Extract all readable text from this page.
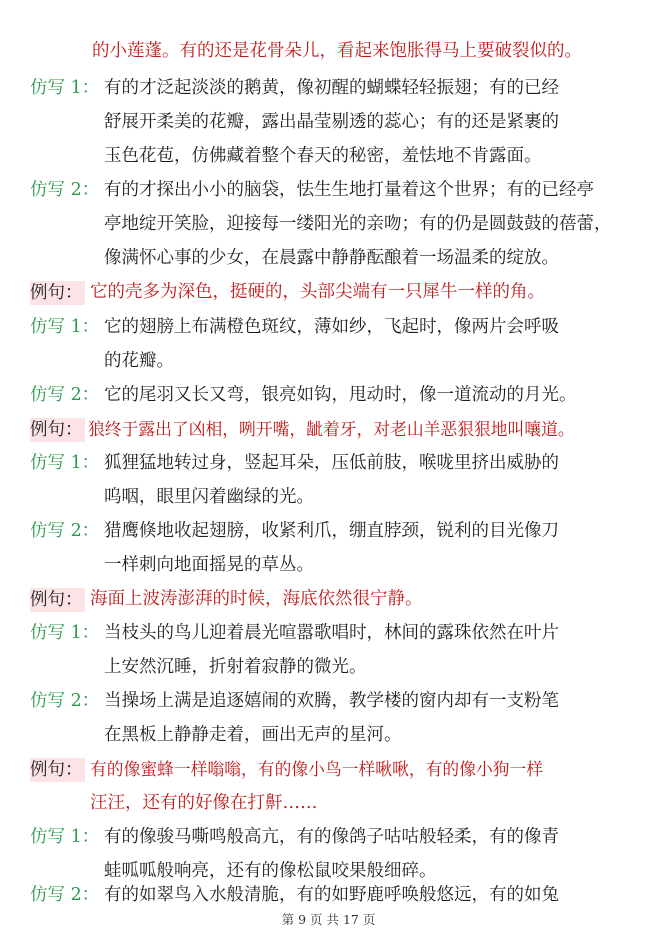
的小莲蓬。有的还是花骨朵儿，看起来饱胀得马上要破裂似的。
仿写 1： 有的才泛起淡淡的鹅黄，像初醒的蝴蝶轻轻振翅；有的已经
舒展开柔美的花瓣，露出晶莹剔透的蕊心；有的还是紧裹的
玉色花苞，仿佛藏着整个春天的秘密，羞怯地不肯露面。
仿写 2： 有的才探出小小的脑袋，怯生生地打量着这个世界；有的已经亭
亭地绽开笑脸，迎接每一缕阳光的亲吻；有的仍是圆鼓鼓的蓓蕾，
像满怀心事的少女，在晨露中静静酝酿着一场温柔的绽放。
例句： 它的壳多为深色，挺硬的，头部尖端有一只犀牛一样的角。
仿写 1： 它的翅膀上布满橙色斑纹，薄如纱，飞起时，像两片会呼吸
的花瓣。
仿写 2： 它的尾羽又长又弯，银亮如钩，甩动时，像一道流动的月光。
例句： 狼终于露出了凶相，咧开嘴，龇着牙，对老山羊恶狠狠地叫嚷道。
仿写 1： 狐狸猛地转过身，竖起耳朵，压低前肢，喉咙里挤出威胁的
呜咽，眼里闪着幽绿的光。
仿写 2： 猎鹰倏地收起翅膀，收紧利爪，绷直脖颈，锐利的目光像刀
一样刺向地面摇晃的草丛。
例句： 海面上波涛澎湃的时候，海底依然很宁静。
仿写 1： 当枝头的鸟儿迎着晨光喧嚣歌唱时，林间的露珠依然在叶片
上安然沉睡，折射着寂静的微光。
仿写 2： 当操场上满是追逐嬉闹的欢腾，教学楼的窗内却有一支粉笔
在黑板上静静走着，画出无声的星河。
例句： 有的像蜜蜂一样嗡嗡，有的像小鸟一样啾啾，有的像小狗一样
汪汪，还有的好像在打鼾……
仿写 1： 有的像骏马嘶鸣般高亢，有的像鸽子咕咕般轻柔，有的像青
蛙呱呱般响亮，还有的像松鼠咬果般细碎。
仿写 2： 有的如翠鸟入水般清脆，有的如野鹿呼唤般悠远，有的如兔
第 9 页 共 17 页
